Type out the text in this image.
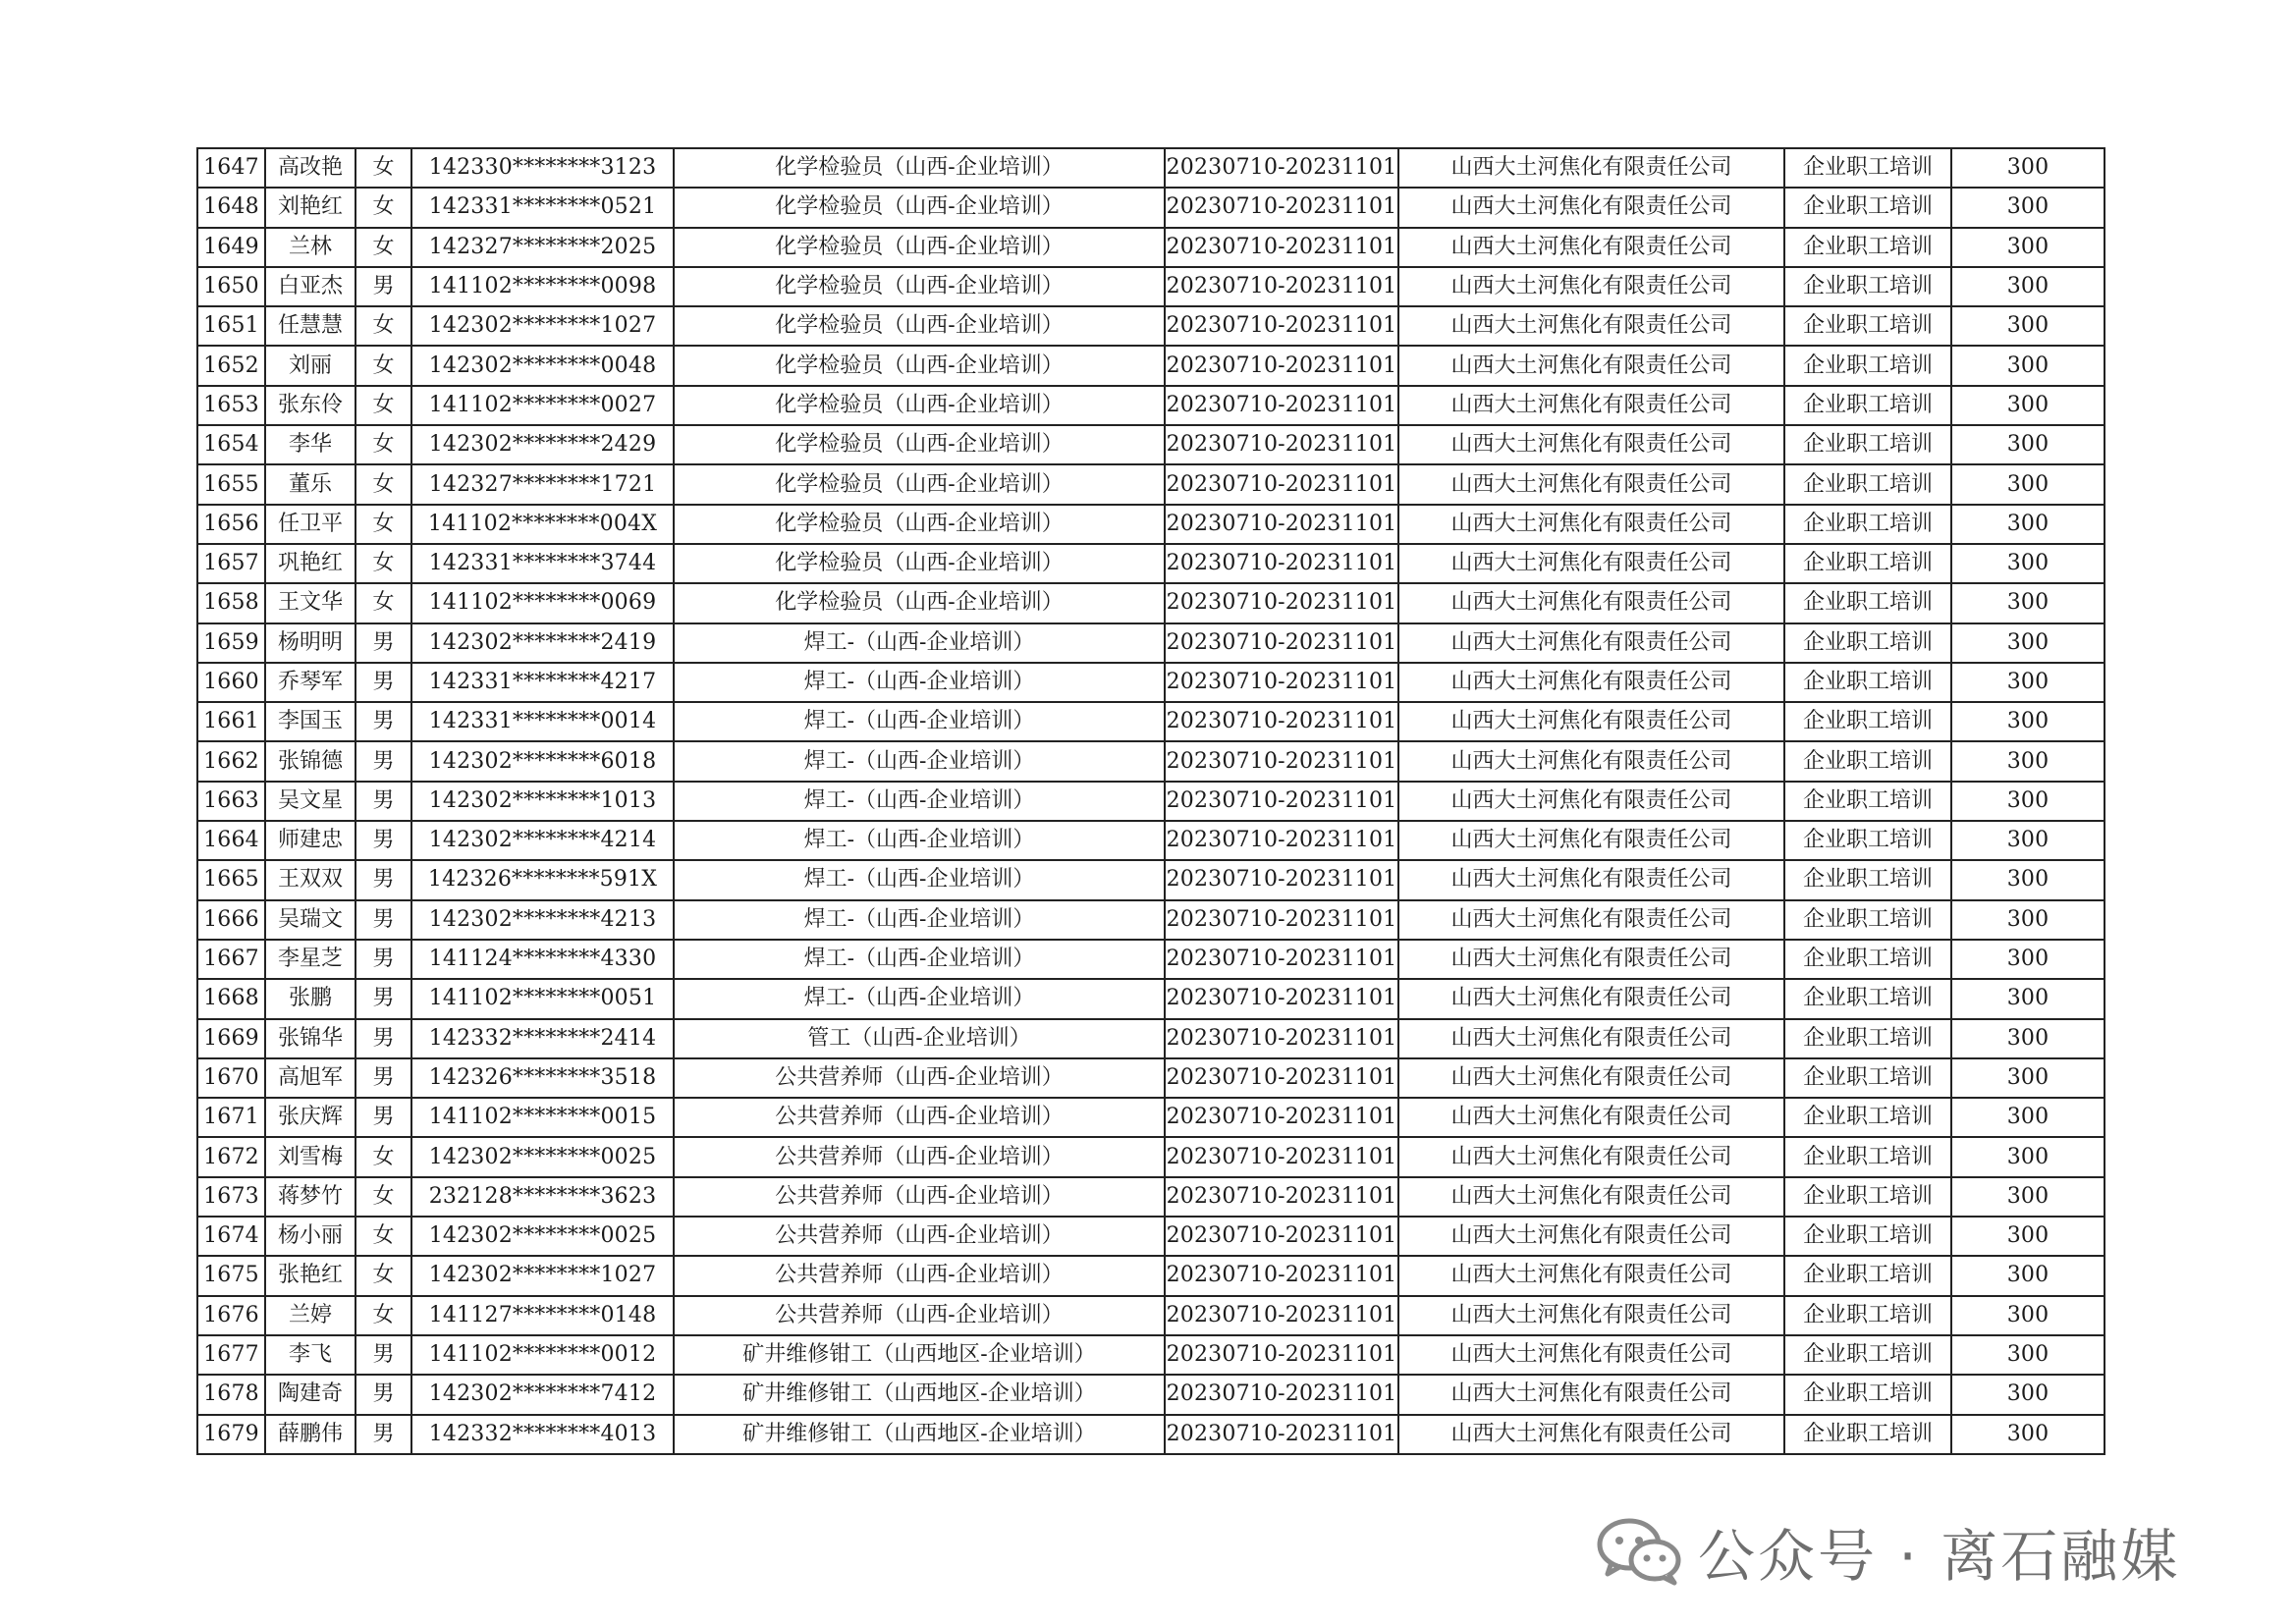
1647	高改艳	女	142330********3123	化学检验员（山西-企业培训）	20230710-20231101	山西大土河焦化有限责任公司	企业职工培训	300
1648	刘艳红	女	142331********0521	化学检验员（山西-企业培训）	20230710-20231101	山西大土河焦化有限责任公司	企业职工培训	300
1649	兰林	女	142327********2025	化学检验员（山西-企业培训）	20230710-20231101	山西大土河焦化有限责任公司	企业职工培训	300
1650	白亚杰	男	141102********0098	化学检验员（山西-企业培训）	20230710-20231101	山西大土河焦化有限责任公司	企业职工培训	300
1651	任慧慧	女	142302********1027	化学检验员（山西-企业培训）	20230710-20231101	山西大土河焦化有限责任公司	企业职工培训	300
1652	刘丽	女	142302********0048	化学检验员（山西-企业培训）	20230710-20231101	山西大土河焦化有限责任公司	企业职工培训	300
1653	张东伶	女	141102********0027	化学检验员（山西-企业培训）	20230710-20231101	山西大土河焦化有限责任公司	企业职工培训	300
1654	李华	女	142302********2429	化学检验员（山西-企业培训）	20230710-20231101	山西大土河焦化有限责任公司	企业职工培训	300
1655	董乐	女	142327********1721	化学检验员（山西-企业培训）	20230710-20231101	山西大土河焦化有限责任公司	企业职工培训	300
1656	任卫平	女	141102********004X	化学检验员（山西-企业培训）	20230710-20231101	山西大土河焦化有限责任公司	企业职工培训	300
1657	巩艳红	女	142331********3744	化学检验员（山西-企业培训）	20230710-20231101	山西大土河焦化有限责任公司	企业职工培训	300
1658	王文华	女	141102********0069	化学检验员（山西-企业培训）	20230710-20231101	山西大土河焦化有限责任公司	企业职工培训	300
1659	杨明明	男	142302********2419	焊工-（山西-企业培训）	20230710-20231101	山西大土河焦化有限责任公司	企业职工培训	300
1660	乔琴军	男	142331********4217	焊工-（山西-企业培训）	20230710-20231101	山西大土河焦化有限责任公司	企业职工培训	300
1661	李国玉	男	142331********0014	焊工-（山西-企业培训）	20230710-20231101	山西大土河焦化有限责任公司	企业职工培训	300
1662	张锦德	男	142302********6018	焊工-（山西-企业培训）	20230710-20231101	山西大土河焦化有限责任公司	企业职工培训	300
1663	吴文星	男	142302********1013	焊工-（山西-企业培训）	20230710-20231101	山西大土河焦化有限责任公司	企业职工培训	300
1664	师建忠	男	142302********4214	焊工-（山西-企业培训）	20230710-20231101	山西大土河焦化有限责任公司	企业职工培训	300
1665	王双双	男	142326********591X	焊工-（山西-企业培训）	20230710-20231101	山西大土河焦化有限责任公司	企业职工培训	300
1666	吴瑞文	男	142302********4213	焊工-（山西-企业培训）	20230710-20231101	山西大土河焦化有限责任公司	企业职工培训	300
1667	李星芝	男	141124********4330	焊工-（山西-企业培训）	20230710-20231101	山西大土河焦化有限责任公司	企业职工培训	300
1668	张鹏	男	141102********0051	焊工-（山西-企业培训）	20230710-20231101	山西大土河焦化有限责任公司	企业职工培训	300
1669	张锦华	男	142332********2414	管工（山西-企业培训）	20230710-20231101	山西大土河焦化有限责任公司	企业职工培训	300
1670	高旭军	男	142326********3518	公共营养师（山西-企业培训）	20230710-20231101	山西大土河焦化有限责任公司	企业职工培训	300
1671	张庆辉	男	141102********0015	公共营养师（山西-企业培训）	20230710-20231101	山西大土河焦化有限责任公司	企业职工培训	300
1672	刘雪梅	女	142302********0025	公共营养师（山西-企业培训）	20230710-20231101	山西大土河焦化有限责任公司	企业职工培训	300
1673	蒋梦竹	女	232128********3623	公共营养师（山西-企业培训）	20230710-20231101	山西大土河焦化有限责任公司	企业职工培训	300
1674	杨小丽	女	142302********0025	公共营养师（山西-企业培训）	20230710-20231101	山西大土河焦化有限责任公司	企业职工培训	300
1675	张艳红	女	142302********1027	公共营养师（山西-企业培训）	20230710-20231101	山西大土河焦化有限责任公司	企业职工培训	300
1676	兰婷	女	141127********0148	公共营养师（山西-企业培训）	20230710-20231101	山西大土河焦化有限责任公司	企业职工培训	300
1677	李飞	男	141102********0012	矿井维修钳工（山西地区-企业培训）	20230710-20231101	山西大土河焦化有限责任公司	企业职工培训	300
1678	陶建奇	男	142302********7412	矿井维修钳工（山西地区-企业培训）	20230710-20231101	山西大土河焦化有限责任公司	企业职工培训	300
1679	薛鹏伟	男	142332********4013	矿井维修钳工（山西地区-企业培训）	20230710-20231101	山西大土河焦化有限责任公司	企业职工培训	300
公众号 · 离石融媒
